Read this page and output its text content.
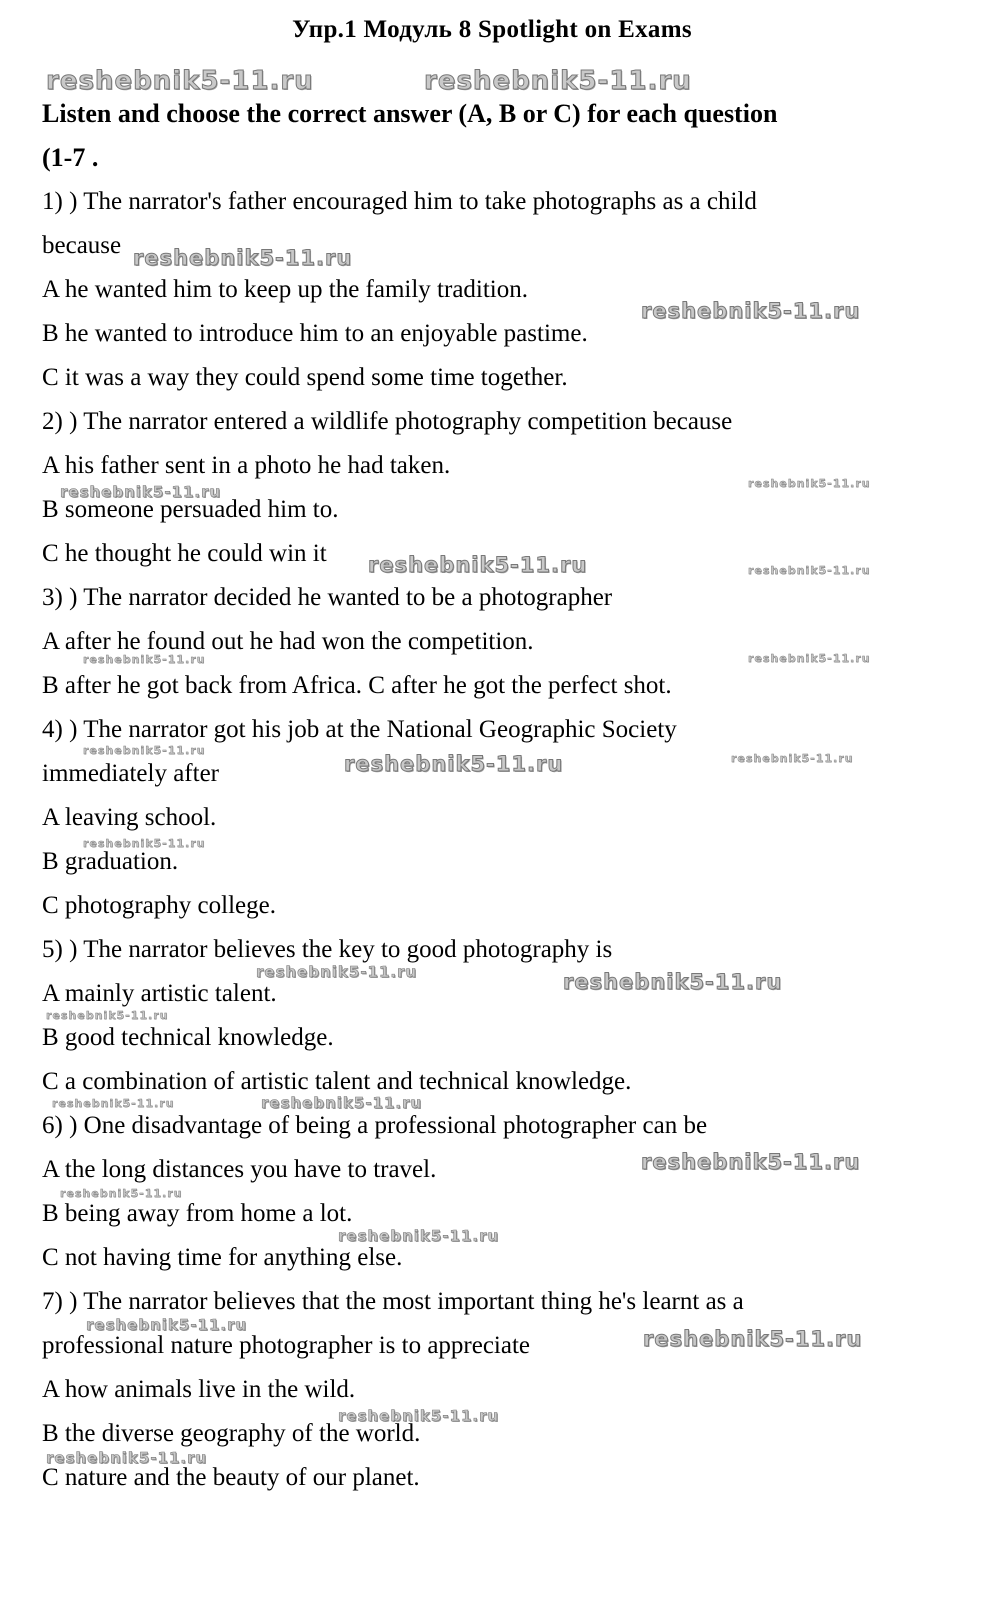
Упр.1 Модуль 8 Spotlight on Exams
Listen and choose the correct answer (A, B or C) for each question
(1-7 .
1) ) The narrator's father encouraged him to take photographs as a child
because
A he wanted him to keep up the family tradition.
B he wanted to introduce him to an enjoyable pastime.
C it was a way they could spend some time together.
2) ) The narrator entered a wildlife photography competition because
A his father sent in a photo he had taken.
B someone persuaded him to.
C he thought he could win it
3) ) The narrator decided he wanted to be a photographer
A after he found out he had won the competition.
B after he got back from Africa. C after he got the perfect shot.
4) ) The narrator got his job at the National Geographic Society
immediately after
A leaving school.
B graduation.
C photography college.
5) ) The narrator believes the key to good photography is
A mainly artistic talent.
B good technical knowledge.
C a combination of artistic talent and technical knowledge.
6) ) One disadvantage of being a professional photographer can be
A the long distances you have to travel.
B being away from home a lot.
C not having time for anything else.
7) ) The narrator believes that the most important thing he's learnt as a
professional nature photographer is to appreciate
A how animals live in the wild.
B the diverse geography of the world.
C nature and the beauty of our planet.
reshebnik5-11.ru	reshebnik5-11.ru
reshebnik5-11.ru
reshebnik5-11.ru
reshebnik5-11.ru	reshebnik5-11.ru
reshebnik5-11.ru	reshebnik5-11.ru
reshebnik5-11.ru	reshebnik5-11.ru
reshebnik5-11.ru
reshebnik5-11.ru	reshebnik5-11.ru
reshebnik5-11.ru
reshebnik5-11.ru	reshebnik5-11.ru
reshebnik5-11.ru
reshebnik5-11.ru	reshebnik5-11.ru
reshebnik5-11.ru
reshebnik5-11.ru
reshebnik5-11.ru
reshebnik5-11.ru
reshebnik5-11.ru
reshebnik5-11.ru
reshebnik5-11.ru
